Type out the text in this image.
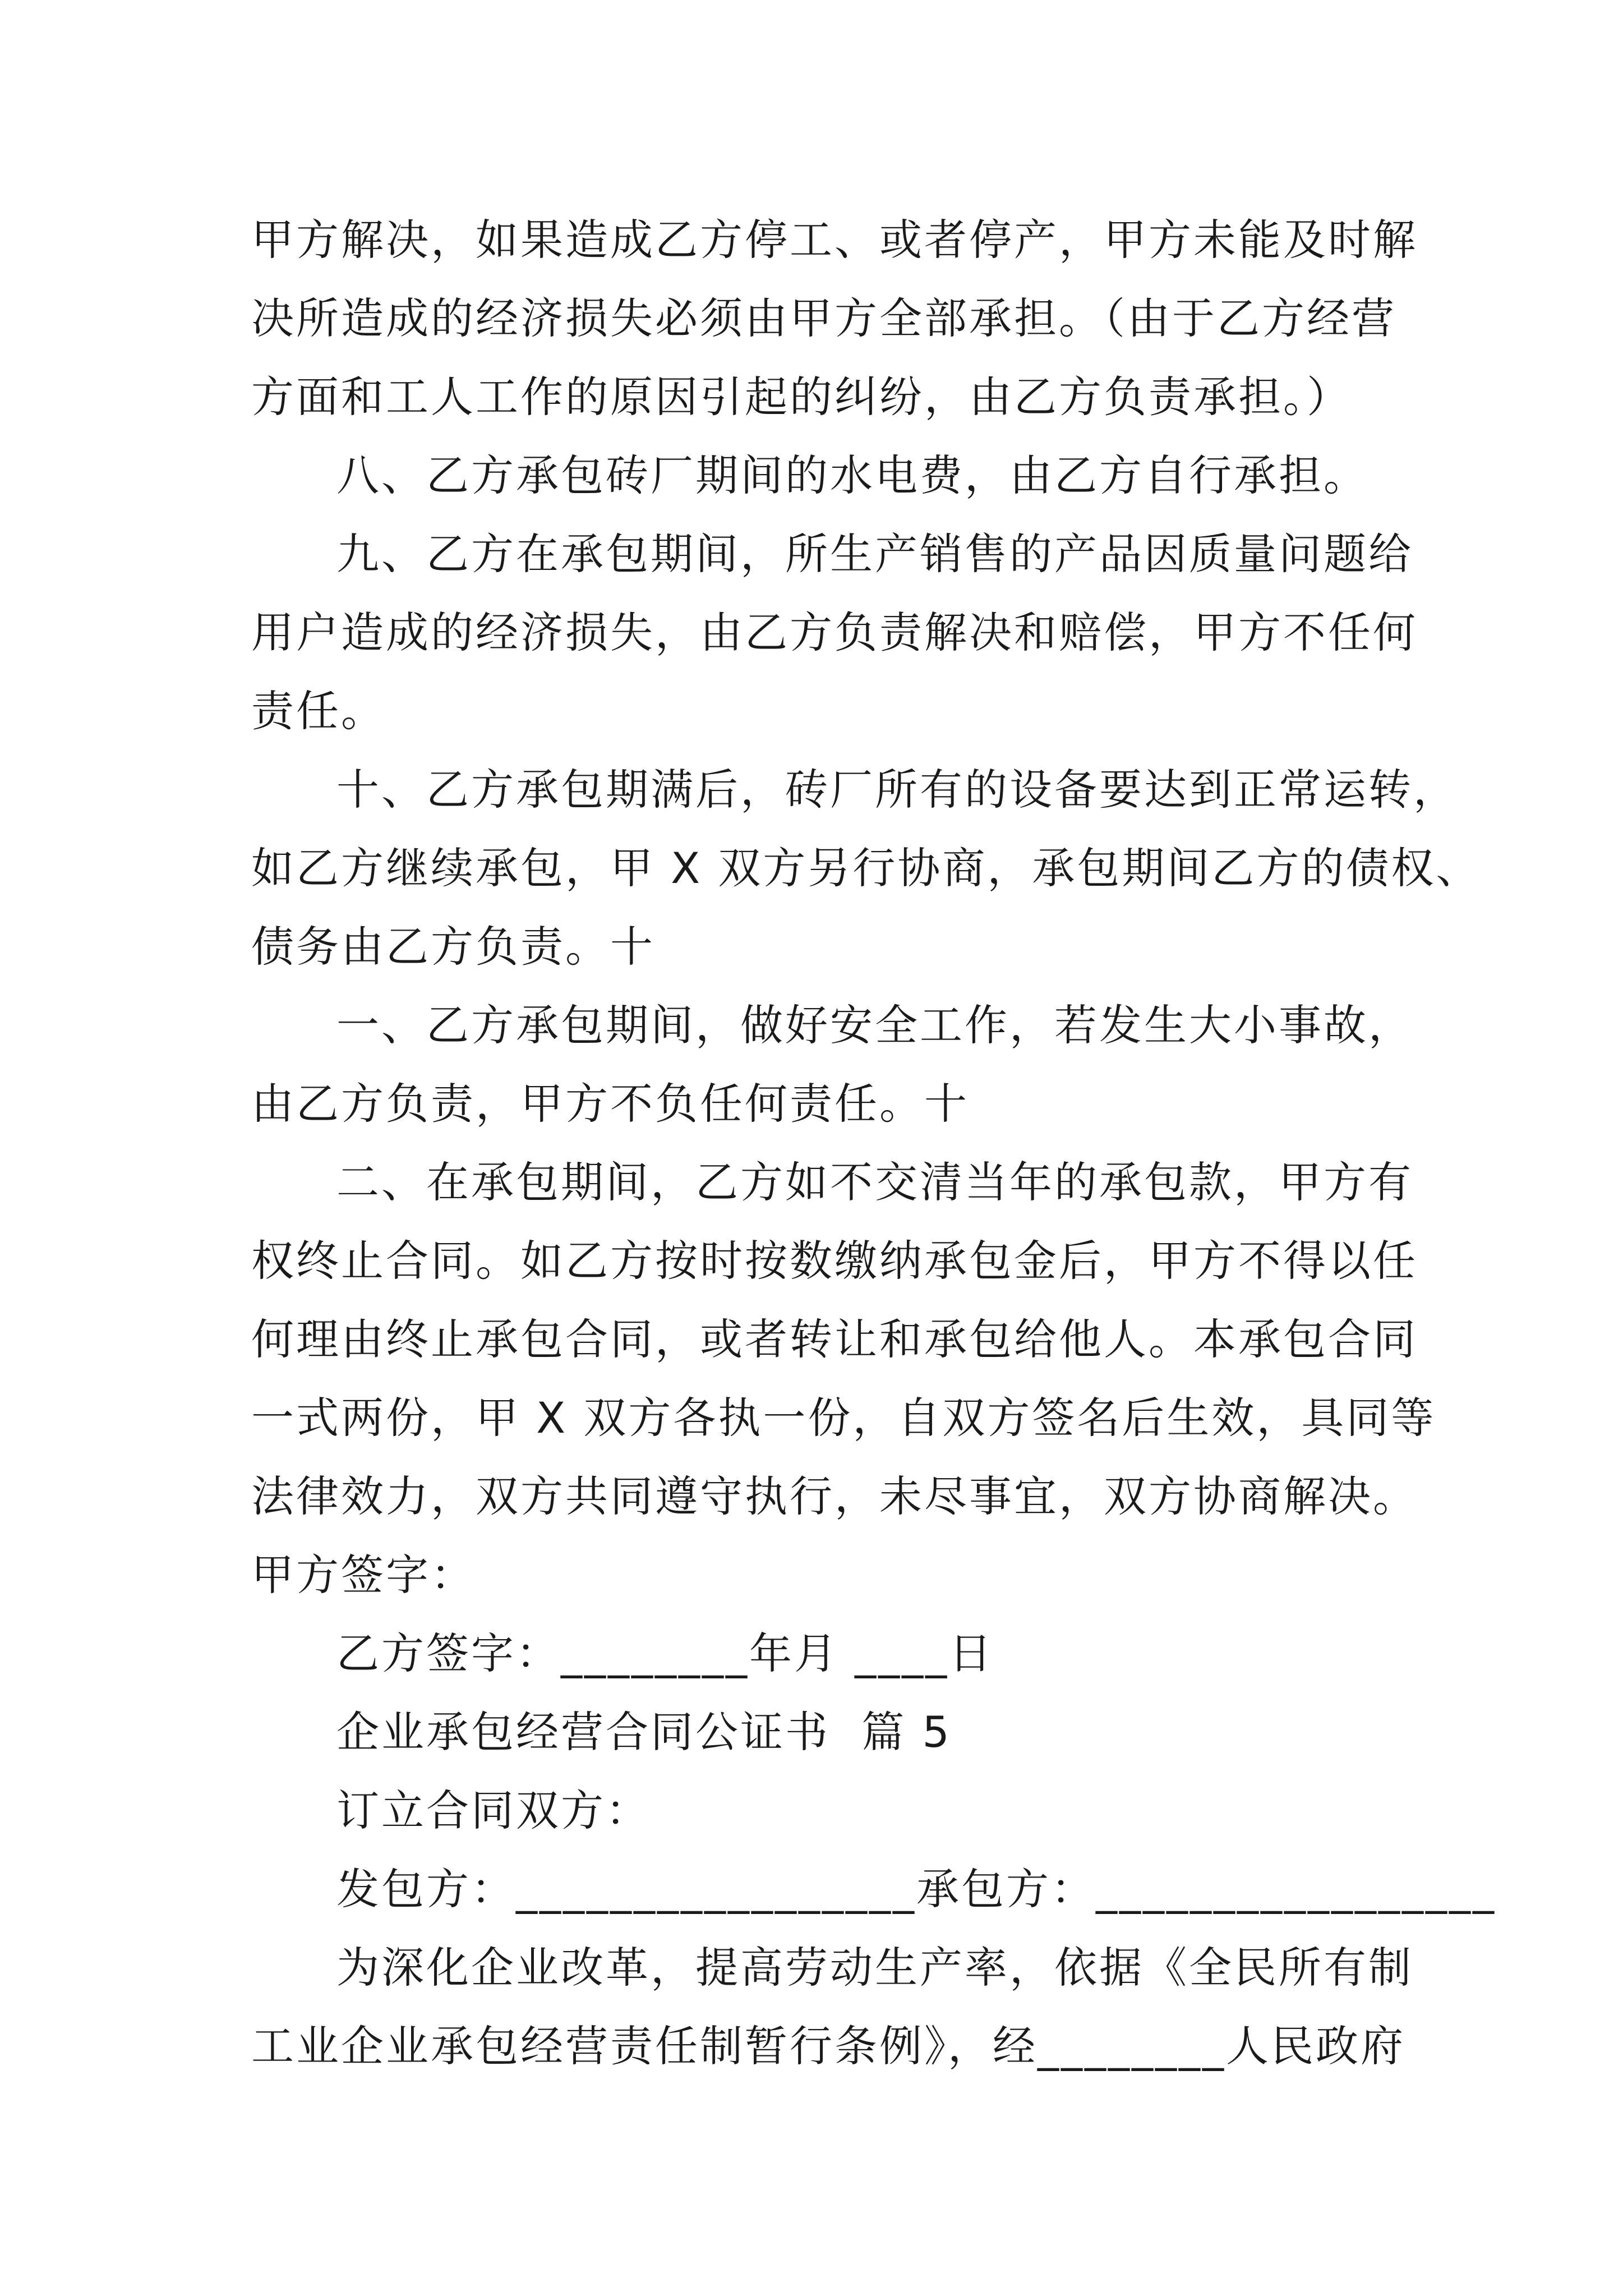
甲方解决，如果造成乙方停工、或者停产，甲方未能及时解
决所造成的经济损失必须由甲方全部承担。（由于乙方经营
方面和工人工作的原因引起的纠纷，由乙方负责承担。）
八、乙方承包砖厂期间的水电费，由乙方自行承担。
九、乙方在承包期间，所生产销售的产品因质量问题给
用户造成的经济损失，由乙方负责解决和赔偿，甲方不任何
责任。
十、乙方承包期满后，砖厂所有的设备要达到正常运转，
如乙方继续承包，甲 X 双方另行协商，承包期间乙方的债权、
债务由乙方负责。十
一、乙方承包期间，做好安全工作，若发生大小事故，
由乙方负责，甲方不负任何责任。十
二、在承包期间，乙方如不交清当年的承包款，甲方有
权终止合同。如乙方按时按数缴纳承包金后，甲方不得以任
何理由终止承包合同，或者转让和承包给他人。本承包合同
一式两份，甲 X 双方各执一份，自双方签名后生效，具同等
法律效力，双方共同遵守执行，未尽事宜，双方协商解决。
甲方签字：
乙方签字：________年月 ____日
企业承包经营合同公证书  篇 5
订立合同双方：
发包方：_________________承包方：_________________
为深化企业改革，提高劳动生产率，依据《全民所有制
工业企业承包经营责任制暂行条例》，经________人民政府
